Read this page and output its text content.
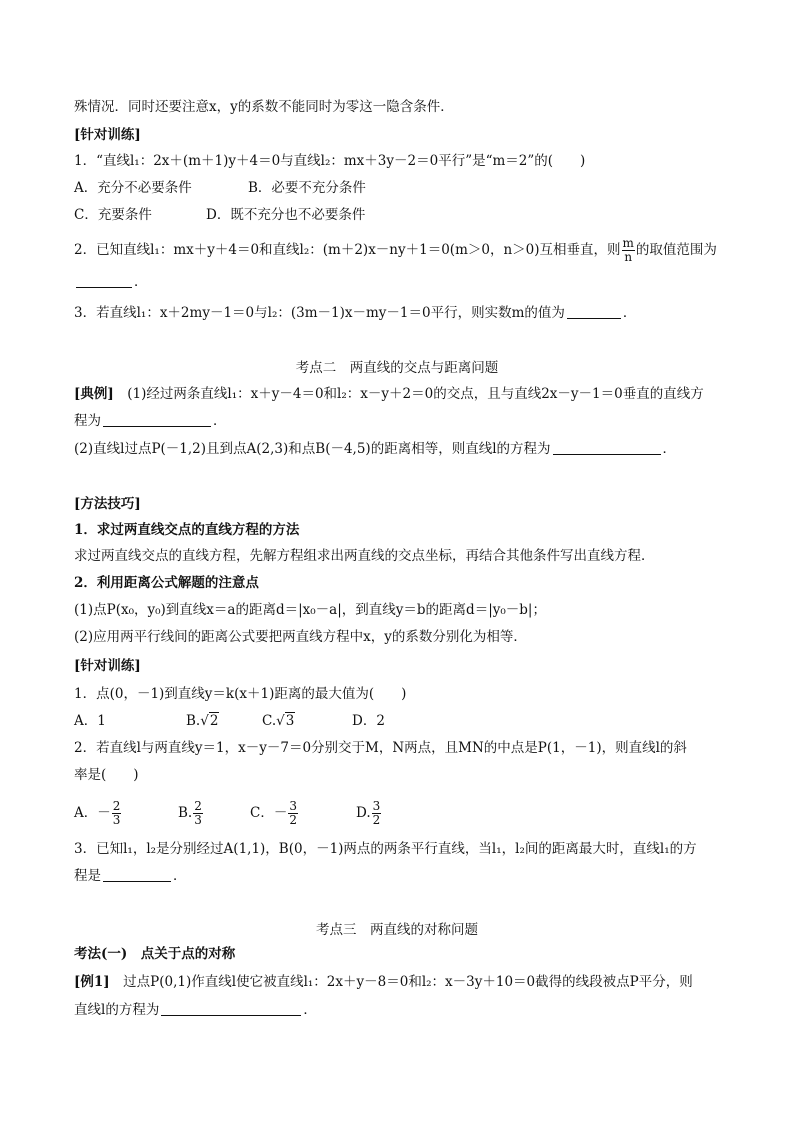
殊情况．同时还要注意x，y的系数不能同时为零这一隐含条件．
[针对训练]
1．“直线l₁：2x＋(m＋1)y＋4＝0与直线l₂：mx＋3y－2＝0平行”是“m＝2”的(　　)
A．充分不必要条件	B．必要不充分条件
C．充要条件	D．既不充分也不必要条件
2．已知直线l₁：mx＋y＋4＝0和直线l₂：(m＋2)x－ny＋1＝0(m＞0，n＞0)互相垂直，则 $\frac{m}{n}$ 的取值范围为
．
3．若直线l₁：x＋2my－1＝0与l₂：(3m－1)x－my－1＝0平行，则实数m的值为	．
考点二　两直线的交点与距离问题
[典例]　(1)经过两条直线l₁：x＋y－4＝0和l₂：x－y＋2＝0的交点，且与直线2x－y－1＝0垂直的直线方
程为	．
(2)直线l过点P(－1,2)且到点A(2,3)和点B(－4,5)的距离相等，则直线l的方程为	．
[方法技巧]
1．求过两直线交点的直线方程的方法
求过两直线交点的直线方程，先解方程组求出两直线的交点坐标，再结合其他条件写出直线方程．
2．利用距离公式解题的注意点
(1)点P(x₀，y₀)到直线x＝a的距离d＝|x₀－a|，到直线y＝b的距离d＝|y₀－b|；
(2)应用两平行线间的距离公式要把两直线方程中x，y的系数分别化为相等．
[针对训练]
1．点(0，－1)到直线y＝k(x＋1)距离的最大值为(　　)
A．1	B.√2	C.√3	D．2
2．若直线l与两直线y＝1，x－y－7＝0分别交于M，N两点，且MN的中点是P(1，－1)，则直线l的斜
率是(　　)
A．－ $\frac{2}{3}$	B. $\frac{2}{3}$	C．－ $\frac{3}{2}$	D. $\frac{3}{2}$
3．已知l₁，l₂是分别经过A(1,1)，B(0，－1)两点的两条平行直线，当l₁，l₂间的距离最大时，直线l₁的方
程是	．
考点三　两直线的对称问题
考法(一)　点关于点的对称
[例1]　过点P(0,1)作直线l使它被直线l₁：2x＋y－8＝0和l₂：x－3y＋10＝0截得的线段被点P平分，则
直线l的方程为	．
